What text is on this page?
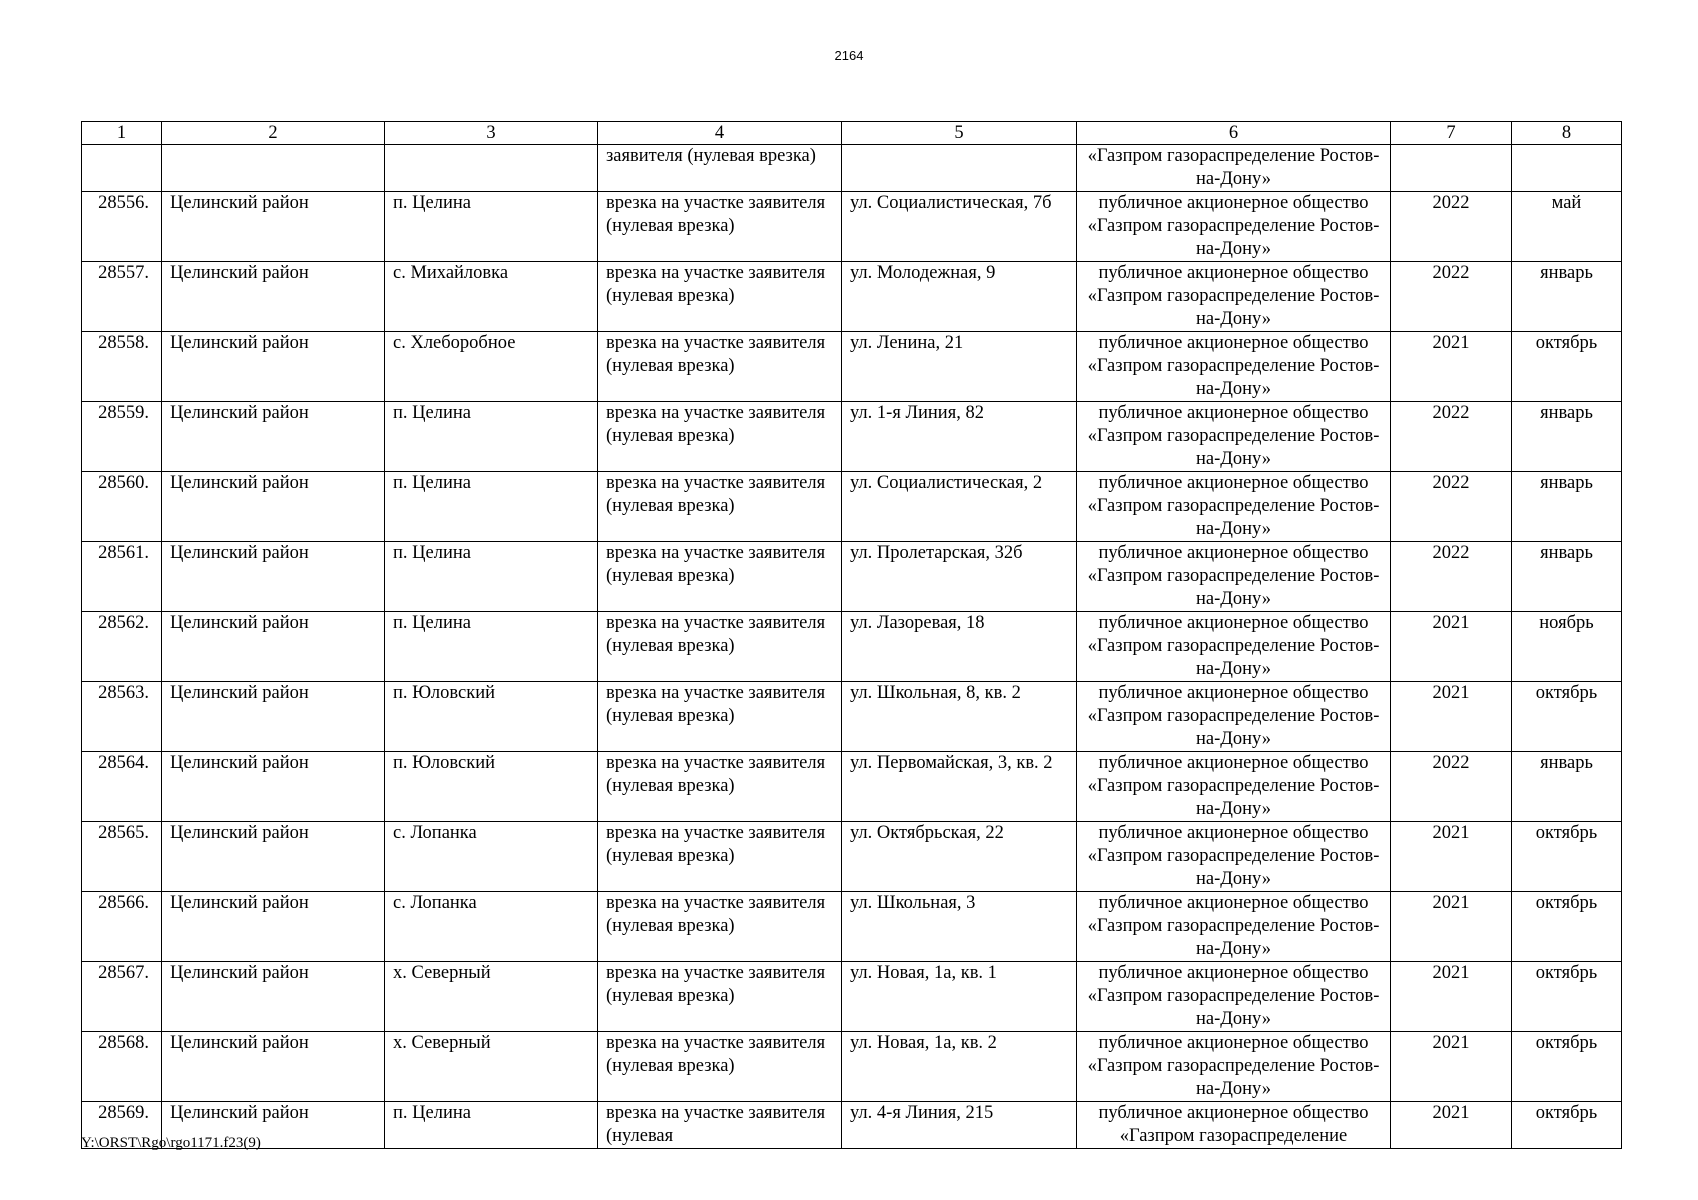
2164
1	2	3	4	5	6	7	8
			заявителя (нулевая врезка)		«Газпром газораспределение Ростов-на-Дону»		
28556.	Целинский район	п. Целина	врезка на участке заявителя (нулевая врезка)	ул. Социалистическая, 7б	публичное акционерное общество «Газпром газораспределение Ростов-на-Дону»	2022	май
28557.	Целинский район	с. Михайловка	врезка на участке заявителя (нулевая врезка)	ул. Молодежная, 9	публичное акционерное общество «Газпром газораспределение Ростов-на-Дону»	2022	январь
28558.	Целинский район	с. Хлеборобное	врезка на участке заявителя (нулевая врезка)	ул. Ленина, 21	публичное акционерное общество «Газпром газораспределение Ростов-на-Дону»	2021	октябрь
28559.	Целинский район	п. Целина	врезка на участке заявителя (нулевая врезка)	ул. 1-я Линия, 82	публичное акционерное общество «Газпром газораспределение Ростов-на-Дону»	2022	январь
28560.	Целинский район	п. Целина	врезка на участке заявителя (нулевая врезка)	ул. Социалистическая, 2	публичное акционерное общество «Газпром газораспределение Ростов-на-Дону»	2022	январь
28561.	Целинский район	п. Целина	врезка на участке заявителя (нулевая врезка)	ул. Пролетарская, 32б	публичное акционерное общество «Газпром газораспределение Ростов-на-Дону»	2022	январь
28562.	Целинский район	п. Целина	врезка на участке заявителя (нулевая врезка)	ул. Лазоревая, 18	публичное акционерное общество «Газпром газораспределение Ростов-на-Дону»	2021	ноябрь
28563.	Целинский район	п. Юловский	врезка на участке заявителя (нулевая врезка)	ул. Школьная, 8, кв. 2	публичное акционерное общество «Газпром газораспределение Ростов-на-Дону»	2021	октябрь
28564.	Целинский район	п. Юловский	врезка на участке заявителя (нулевая врезка)	ул. Первомайская, 3, кв. 2	публичное акционерное общество «Газпром газораспределение Ростов-на-Дону»	2022	январь
28565.	Целинский район	с. Лопанка	врезка на участке заявителя (нулевая врезка)	ул. Октябрьская, 22	публичное акционерное общество «Газпром газораспределение Ростов-на-Дону»	2021	октябрь
28566.	Целинский район	с. Лопанка	врезка на участке заявителя (нулевая врезка)	ул. Школьная, 3	публичное акционерное общество «Газпром газораспределение Ростов-на-Дону»	2021	октябрь
28567.	Целинский район	х. Северный	врезка на участке заявителя (нулевая врезка)	ул. Новая, 1а, кв. 1	публичное акционерное общество «Газпром газораспределение Ростов-на-Дону»	2021	октябрь
28568.	Целинский район	х. Северный	врезка на участке заявителя (нулевая врезка)	ул. Новая, 1а, кв. 2	публичное акционерное общество «Газпром газораспределение Ростов-на-Дону»	2021	октябрь
28569.	Целинский район	п. Целина	врезка на участке заявителя (нулевая	ул. 4-я Линия, 215	публичное акционерное общество «Газпром газораспределение	2021	октябрь
Y:\ORST\Rgo\rgo1171.f23(9)
